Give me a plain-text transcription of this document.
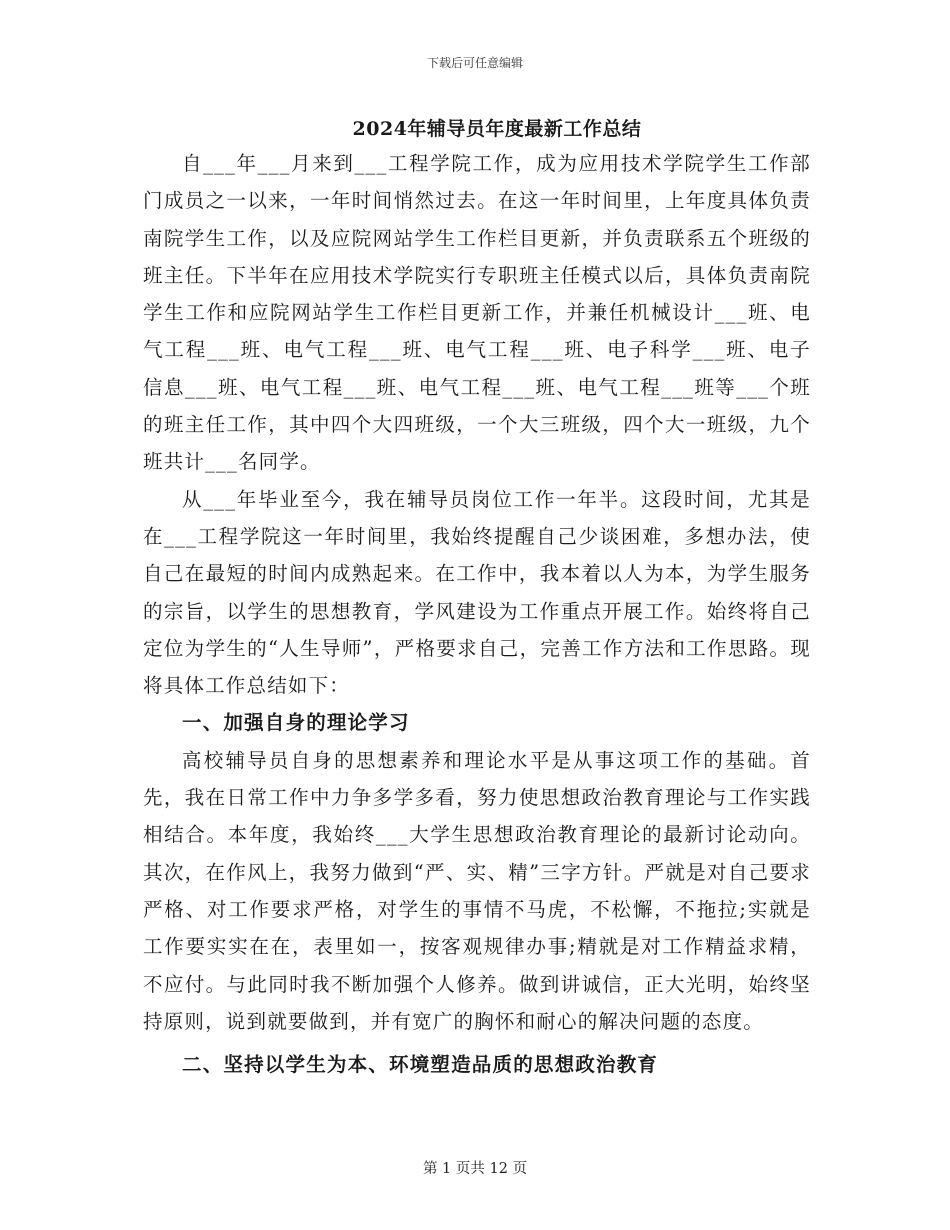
下载后可任意编辑
2024年辅导员年度最新工作总结

自___年___月来到___工程学院工作，成为应用技术学院学生工作部门成员之一以来，一年时间悄然过去。在这一年时间里，上年度具体负责南院学生工作，以及应院网站学生工作栏目更新，并负责联系五个班级的班主任。下半年在应用技术学院实行专职班主任模式以后，具体负责南院学生工作和应院网站学生工作栏目更新工作，并兼任机械设计___班、电气工程___班、电气工程___班、电气工程___班、电子科学___班、电子信息___班、电气工程___班、电气工程___班、电气工程___班等___个班的班主任工作，其中四个大四班级，一个大三班级，四个大一班级，九个班共计___名同学。

从___年毕业至今，我在辅导员岗位工作一年半。这段时间，尤其是在___工程学院这一年时间里，我始终提醒自己少谈困难，多想办法，使自己在最短的时间内成熟起来。在工作中，我本着以人为本，为学生服务的宗旨，以学生的思想教育，学风建设为工作重点开展工作。始终将自己定位为学生的“人生导师”，严格要求自己，完善工作方法和工作思路。现将具体工作总结如下：

一、加强自身的理论学习

高校辅导员自身的思想素养和理论水平是从事这项工作的基础。首先，我在日常工作中力争多学多看，努力使思想政治教育理论与工作实践相结合。本年度，我始终___大学生思想政治教育理论的最新讨论动向。其次，在作风上，我努力做到“严、实、精”三字方针。严就是对自己要求严格、对工作要求严格，对学生的事情不马虎，不松懈，不拖拉;实就是工作要实实在在，表里如一，按客观规律办事;精就是对工作精益求精，不应付。与此同时我不断加强个人修养。做到讲诚信，正大光明，始终坚持原则，说到就要做到，并有宽广的胸怀和耐心的解决问题的态度。

二、坚持以学生为本、环境塑造品质的思想政治教育

第 1 页共 12 页
